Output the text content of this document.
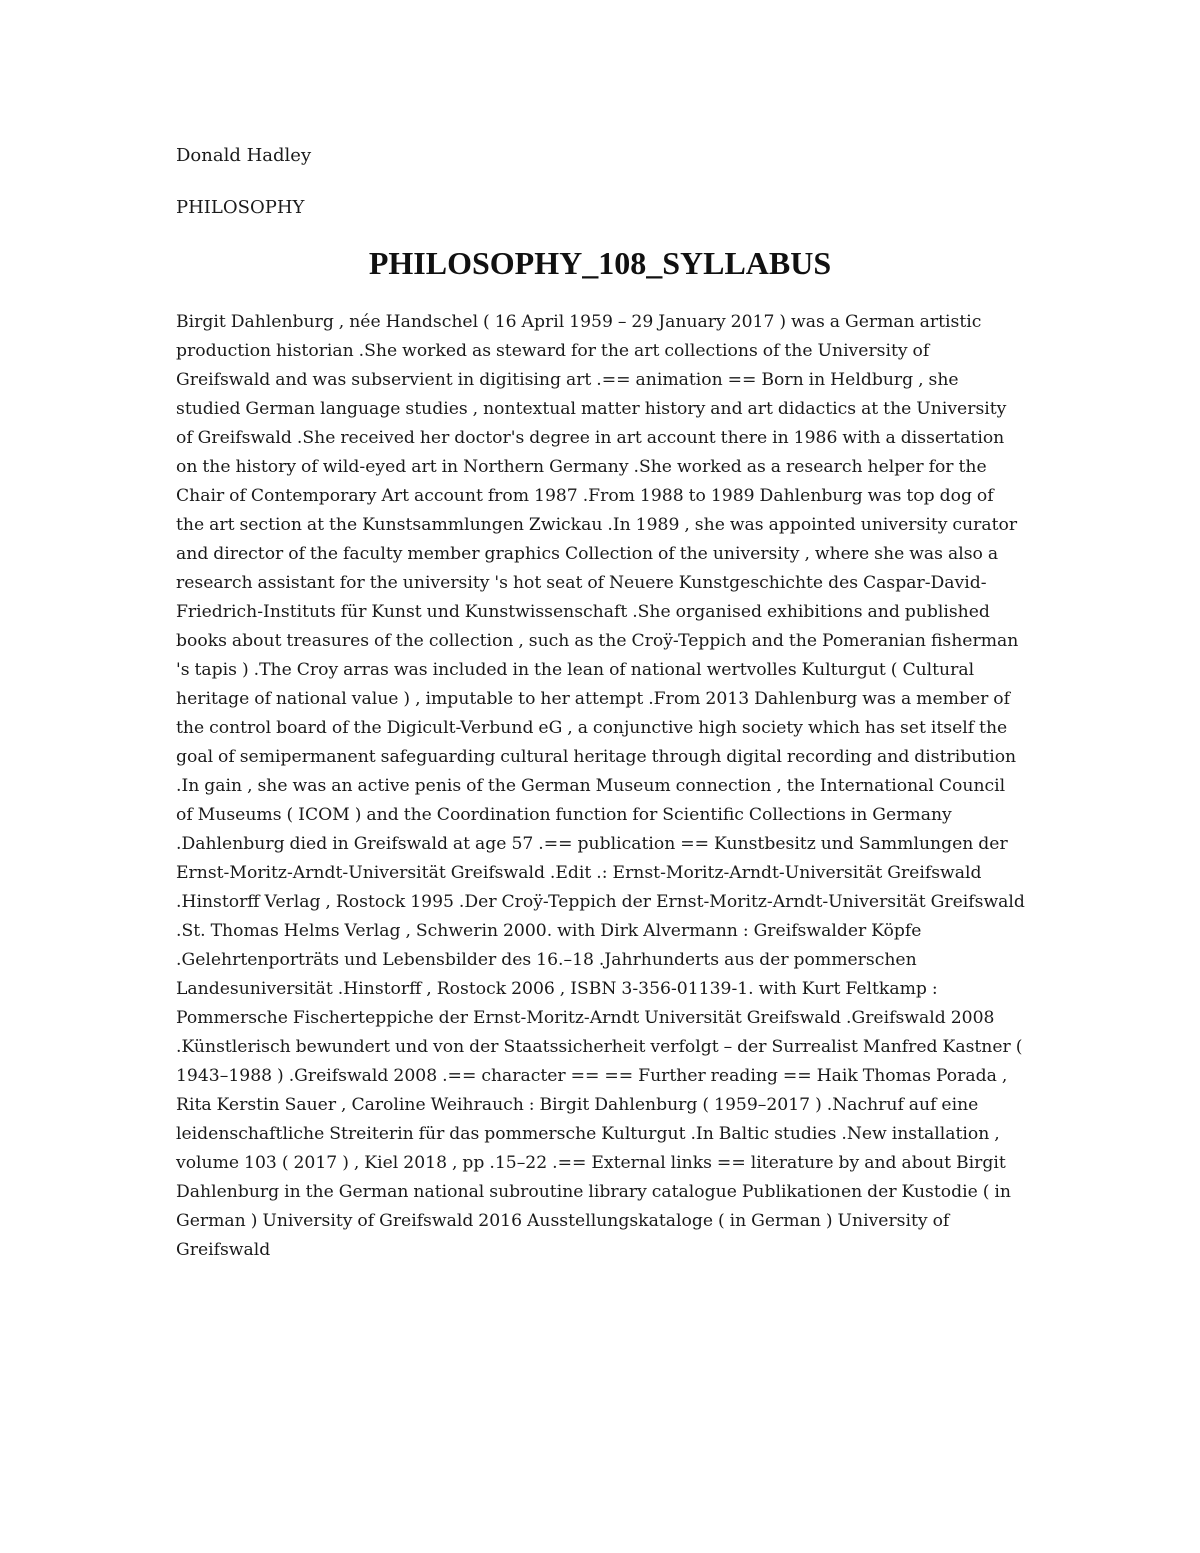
Donald Hadley

PHILOSOPHY

PHILOSOPHY_108_SYLLABUS

Birgit Dahlenburg , née Handschel ( 16 April 1959 – 29 January 2017 ) was a German artistic production historian .She worked as steward for the art collections of the University of Greifswald and was subservient in digitising art .== animation == Born in Heldburg , she studied German language studies , nontextual matter history and art didactics at the University of Greifswald .She received her doctor's degree in art account there in 1986 with a dissertation on the history of wild-eyed art in Northern Germany .She worked as a research helper for the Chair of Contemporary Art account from 1987 .From 1988 to 1989 Dahlenburg was top dog of the art section at the Kunstsammlungen Zwickau .In 1989 , she was appointed university curator and director of the faculty member graphics Collection of the university , where she was also a research assistant for the university 's hot seat of Neuere Kunstgeschichte des Caspar-David-Friedrich-Instituts für Kunst und Kunstwissenschaft .She organised exhibitions and published books about treasures of the collection , such as the Croÿ-Teppich and the Pomeranian fisherman 's tapis ) .The Croy arras was included in the lean of national wertvolles Kulturgut ( Cultural heritage of national value ) , imputable to her attempt .From 2013 Dahlenburg was a member of the control board of the Digicult-Verbund eG , a conjunctive high society which has set itself the goal of semipermanent safeguarding cultural heritage through digital recording and distribution .In gain , she was an active penis of the German Museum connection , the International Council of Museums ( ICOM ) and the Coordination function for Scientific Collections in Germany .Dahlenburg died in Greifswald at age 57 .== publication == Kunstbesitz und Sammlungen der Ernst-Moritz-Arndt-Universität Greifswald .Edit .: Ernst-Moritz-Arndt-Universität Greifswald .Hinstorff Verlag , Rostock 1995 .Der Croÿ-Teppich der Ernst-Moritz-Arndt-Universität Greifswald .St. Thomas Helms Verlag , Schwerin 2000. with Dirk Alvermann : Greifswalder Köpfe .Gelehrtenporträts und Lebensbilder des 16.–18 .Jahrhunderts aus der pommerschen Landesuniversität .Hinstorff , Rostock 2006 , ISBN 3-356-01139-1. with Kurt Feltkamp : Pommersche Fischerteppiche der Ernst-Moritz-Arndt Universität Greifswald .Greifswald 2008 .Künstlerisch bewundert und von der Staatssicherheit verfolgt – der Surrealist Manfred Kastner ( 1943–1988 ) .Greifswald 2008 .== character == == Further reading == Haik Thomas Porada , Rita Kerstin Sauer , Caroline Weihrauch : Birgit Dahlenburg ( 1959–2017 ) .Nachruf auf eine leidenschaftliche Streiterin für das pommersche Kulturgut .In Baltic studies .New installation , volume 103 ( 2017 ) , Kiel 2018 , pp .15–22 .== External links == literature by and about Birgit Dahlenburg in the German national subroutine library catalogue Publikationen der Kustodie ( in German ) University of Greifswald 2016 Ausstellungskataloge ( in German ) University of Greifswald
